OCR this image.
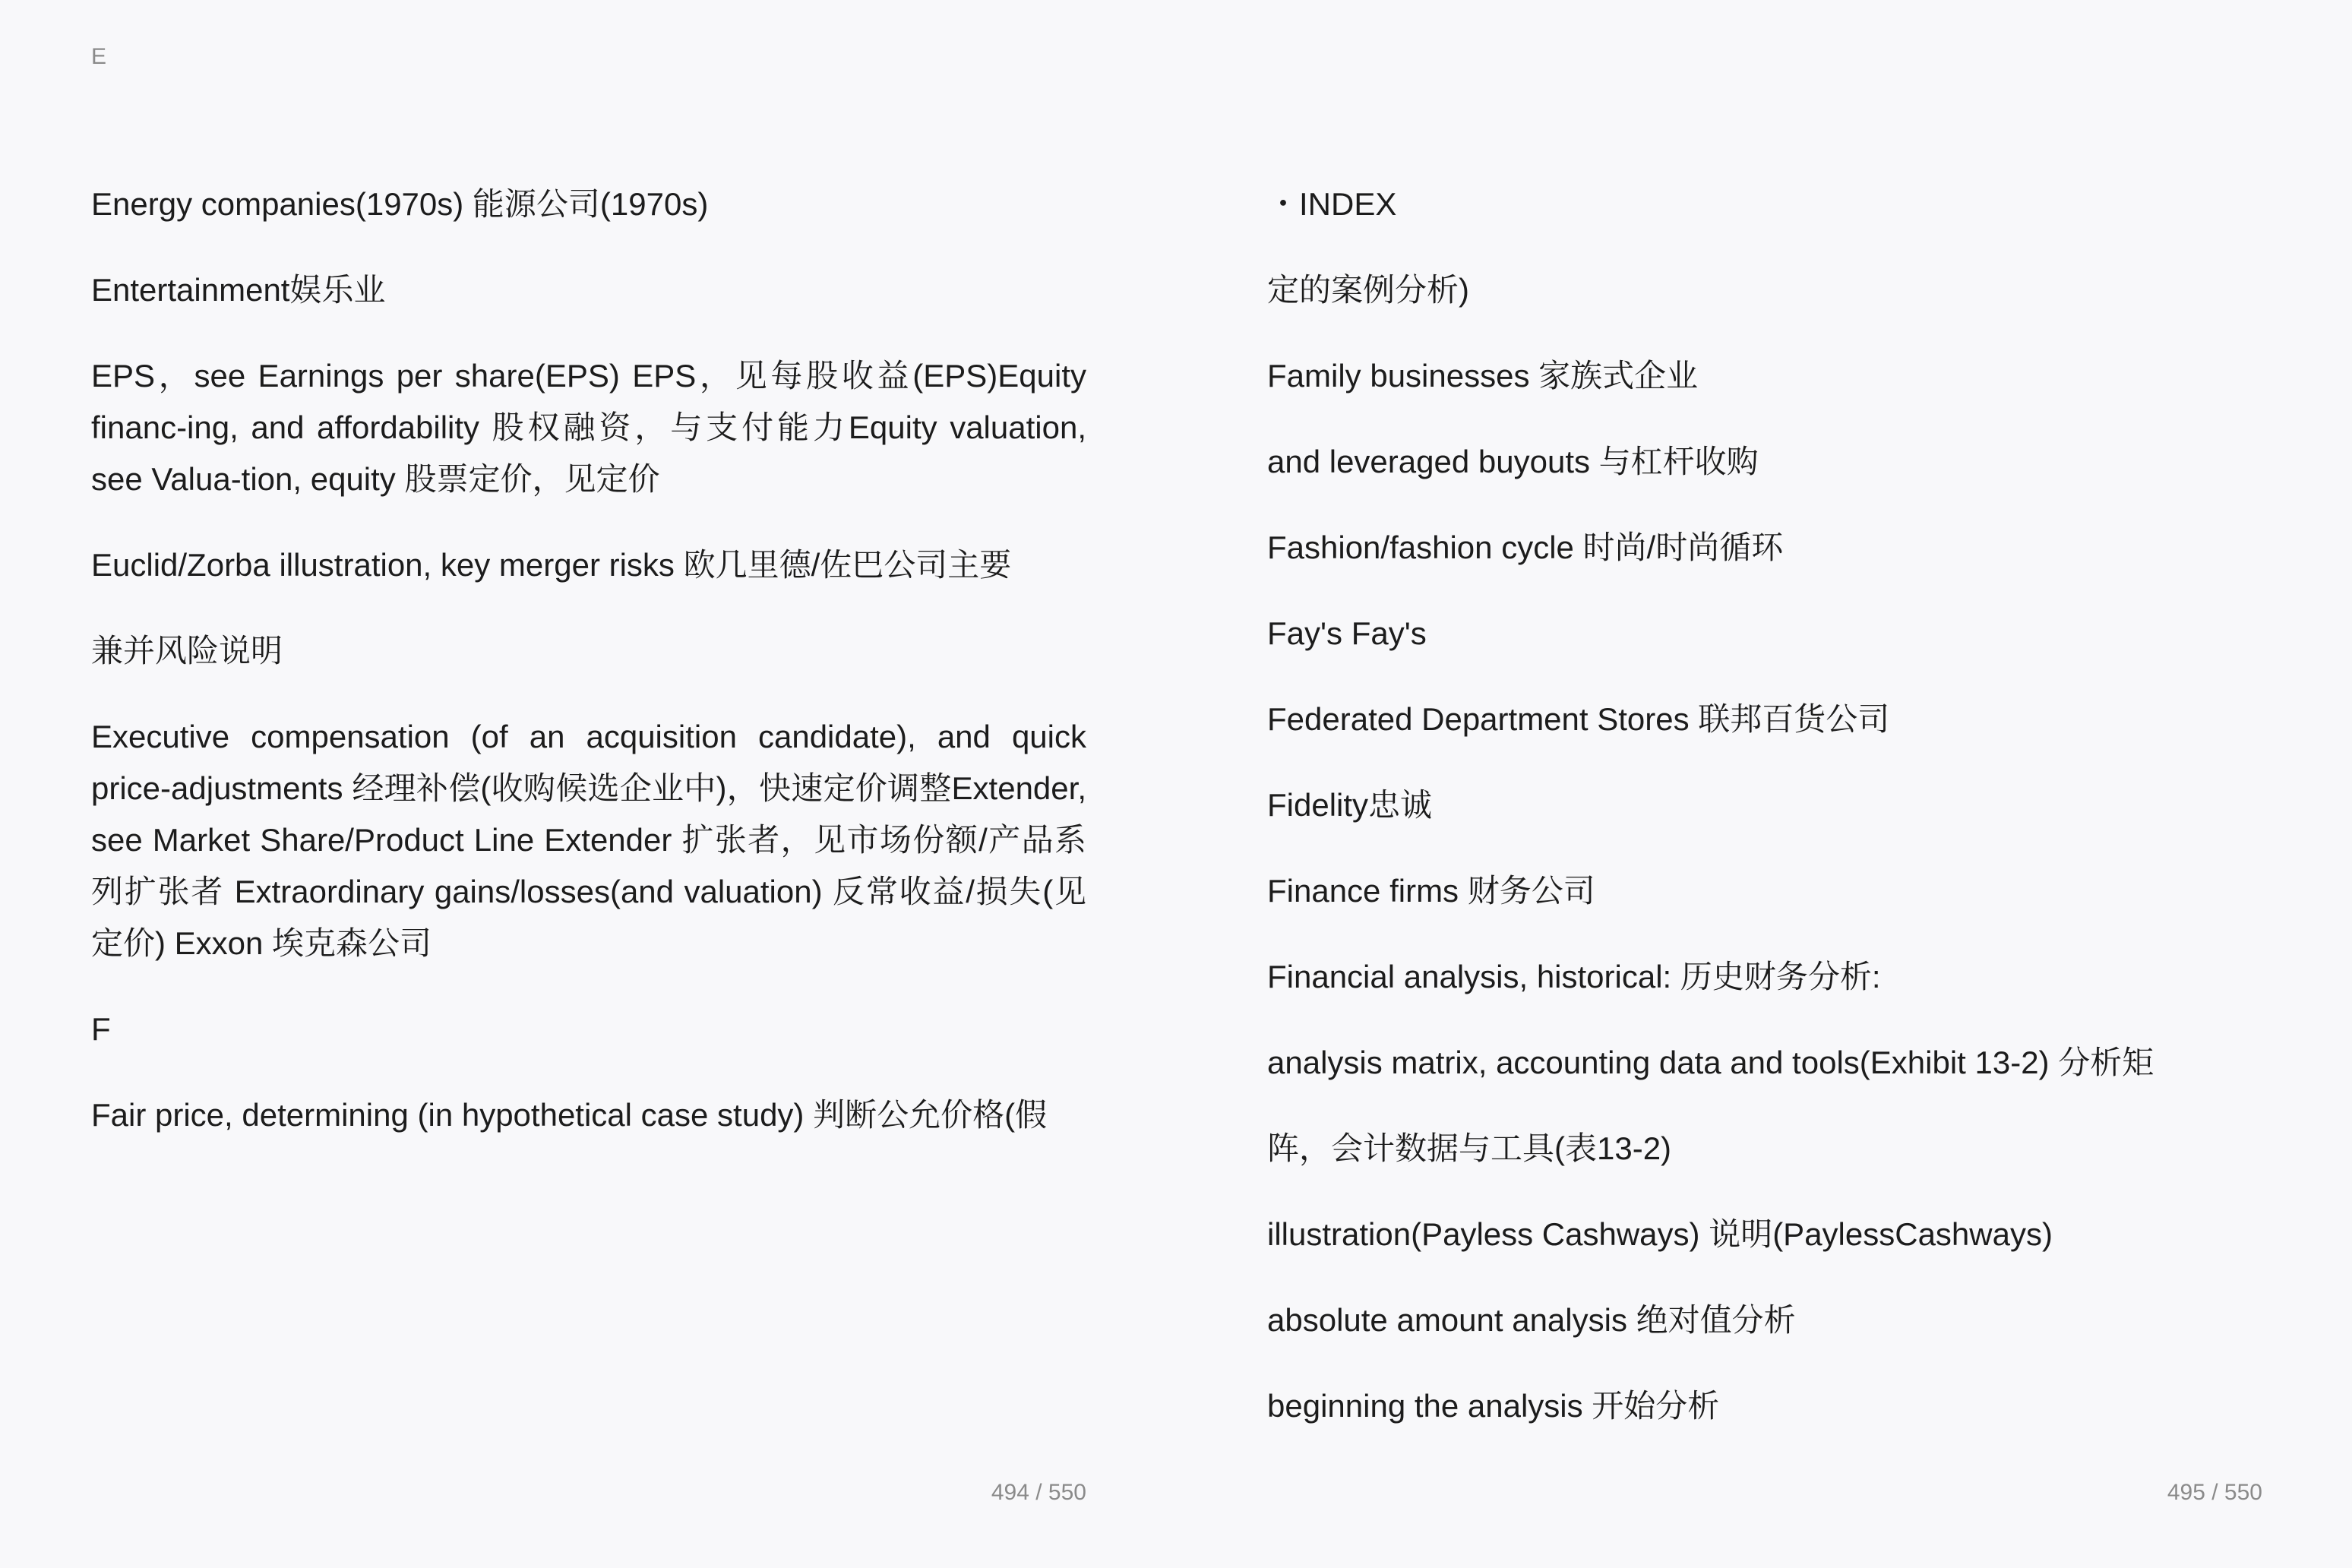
E
Energy companies(1970s) 能源公司(1970s)
Entertainment娱乐业
EPS，see Earnings per share(EPS) EPS，见每股收益(EPS)Equity financ-ing, and affordability 股权融资，与支付能力Equity valuation, see Valua-tion, equity 股票定价，见定价
Euclid/Zorba illustration, key merger risks 欧几里德/佐巴公司主要
兼并风险说明
Executive compensation (of an acquisition candidate), and quick price-adjustments 经理补偿(收购候选企业中)，快速定价调整Extender, see Market Share/Product Line Extender 扩张者，见市场份额/产品系列扩张者 Extraordinary gains/losses(and valuation) 反常收益/损失(见定价) Exxon 埃克森公司
F
Fair price, determining (in hypothetical case study) 判断公允价格(假
494 / 550
・INDEX
定的案例分析)
Family businesses 家族式企业
and leveraged buyouts 与杠杆收购
Fashion/fashion cycle 时尚/时尚循环
Fay's Fay's
Federated Department Stores 联邦百货公司
Fidelity忠诚
Finance firms 财务公司
Financial analysis, historical: 历史财务分析:
analysis matrix, accounting data and tools(Exhibit 13-2) 分析矩
阵，会计数据与工具(表13-2)
illustration(Payless Cashways) 说明(PaylessCashways)
absolute amount analysis 绝对值分析
beginning the analysis 开始分析
495 / 550
